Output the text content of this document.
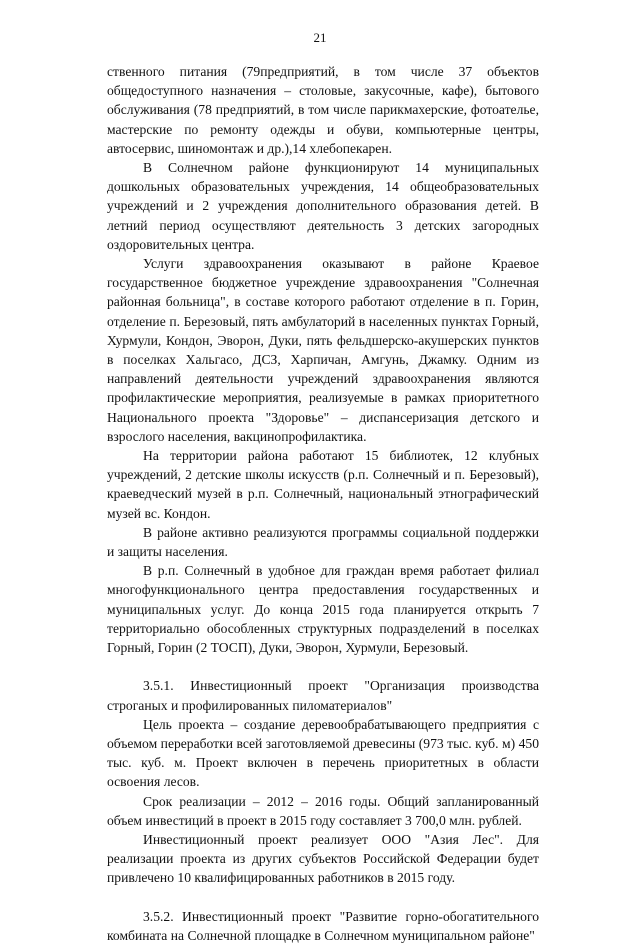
21

ственного питания (79предприятий, в том числе 37 объектов общедоступного назначения – столовые, закусочные, кафе), бытового обслуживания (78 предприятий, в том числе парикмахерские, фотоателье, мастерские по ремонту одежды и обуви, компьютерные центры, автосервис, шиномонтаж и др.),14 хлебопекарен.

В Солнечном районе функционируют 14 муниципальных дошкольных образовательных учреждения, 14 общеобразовательных учреждений и 2 учреждения дополнительного образования детей. В летний период осуществляют деятельность 3 детских загородных оздоровительных центра.

Услуги здравоохранения оказывают в районе Краевое государственное бюджетное учреждение здравоохранения "Солнечная районная больница", в составе которого работают отделение в п. Горин, отделение п. Березовый, пять амбулаторий в населенных пунктах Горный, Хурмули, Кондон, Эворон, Дуки, пять фельдшерско-акушерских пунктов в поселках Хальгасо, ДСЗ, Харпичан, Амгунь, Джамку. Одним из направлений деятельности учреждений здравоохранения являются профилактические мероприятия, реализуемые в рамках приоритетного Национального проекта "Здоровье" – диспансеризация детского и взрослого населения, вакцинопрофилактика.

На территории района работают 15 библиотек, 12 клубных учреждений, 2 детские школы искусств (р.п. Солнечный и п. Березовый), краеведческий музей в р.п. Солнечный, национальный этнографический музей вс. Кондон.

В районе активно реализуются программы социальной поддержки и защиты населения.

В р.п. Солнечный в удобное для граждан время работает филиал многофункционального центра предоставления государственных и муниципальных услуг. До конца 2015 года планируется открыть 7 территориально обособленных структурных подразделений в поселках Горный, Горин (2 ТОСП), Дуки, Эворон, Хурмули, Березовый.

3.5.1. Инвестиционный проект "Организация производства строганых и профилированных пиломатериалов"

Цель проекта – создание деревообрабатывающего предприятия с объемом переработки всей заготовляемой древесины (973 тыс. куб. м) 450 тыс. куб. м. Проект включен в перечень приоритетных в области освоения лесов.

Срок реализации – 2012 – 2016 годы. Общий запланированный объем инвестиций в проект в 2015 году составляет 3 700,0 млн. рублей.

Инвестиционный проект реализует ООО "Азия Лес". Для реализации проекта из других субъектов Российской Федерации будет привлечено 10 квалифицированных работников в 2015 году.

3.5.2. Инвестиционный проект "Развитие горно-обогатительного комбината на Солнечной площадке в Солнечном муниципальном районе"
